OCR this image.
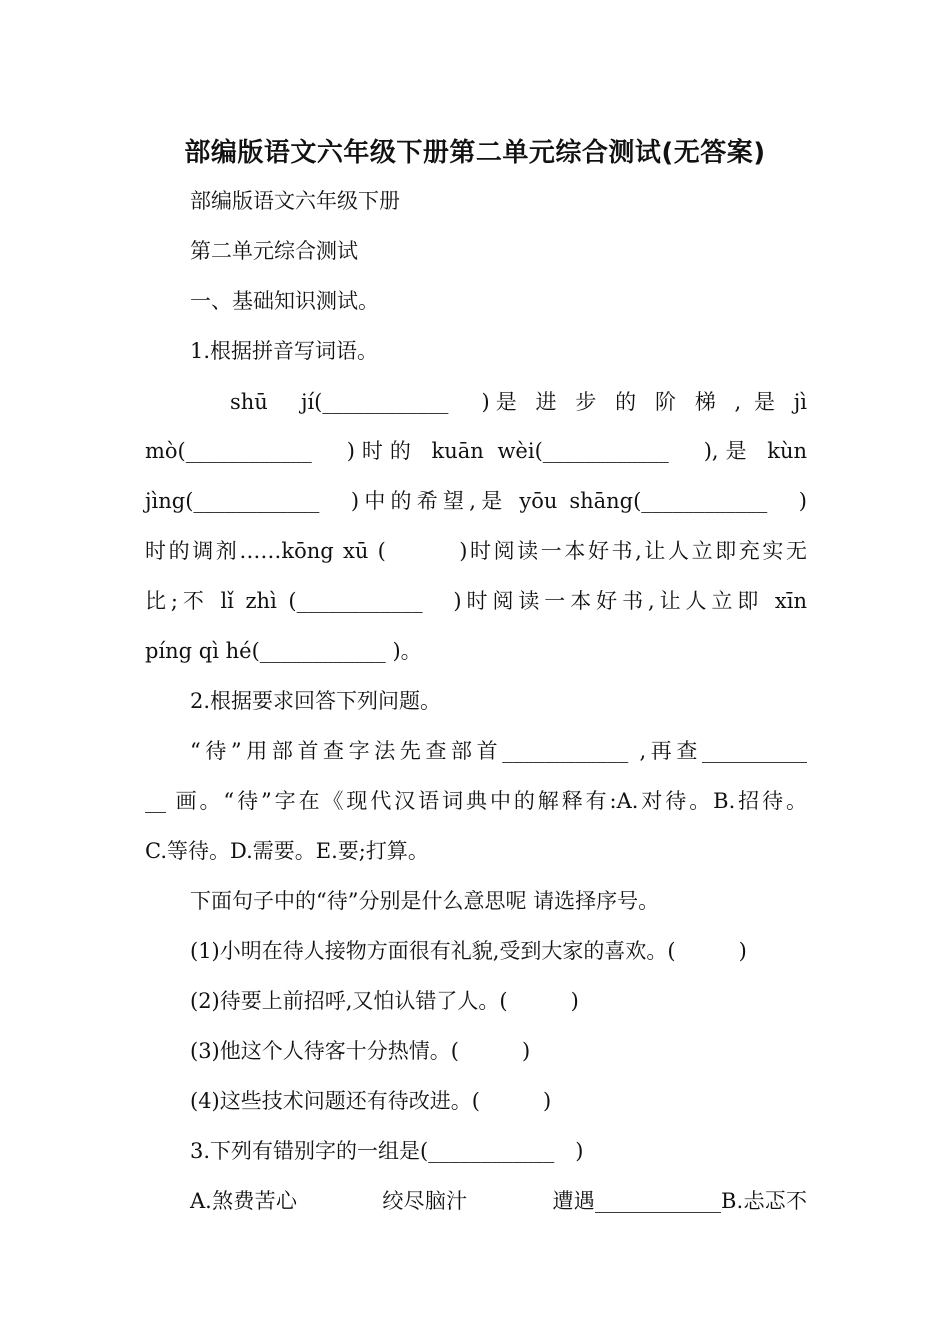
部编版语文六年级下册第二单元综合测试(无答案)
部编版语文六年级下册
第二单元综合测试
一、基础知识测试。
1.根据拼音写词语。
shū　jí(____________　)是 进 步 的 阶 梯 , 是 jì
mò(____________　)时的 kuān wèi(____________　),是 kùn
jìng(____________　)中的希望,是 yōu shāng(____________　)
时的调剂……kōng xū (　　　)时阅读一本好书,让人立即充实无
比;不 lǐ zhì (____________　)时阅读一本好书,让人立即 xīn
píng qì hé(____________ )。
2.根据要求回答下列问题。
“待”用部首查字法先查部首____________ ,再查__________
__ 画。“待”字在《现代汉语词典中的解释有:A.对待。B.招待。
C.等待。D.需要。E.要;打算。
下面句子中的“待”分别是什么意思呢 请选择序号。
(1)小明在待人接物方面很有礼貌,受到大家的喜欢。(　　　)
(2)待要上前招呼,又怕认错了人。(　　　)
(3)他这个人待客十分热情。(　　　)
(4)这些技术问题还有待改进。(　　　)
3.下列有错别字的一组是(____________　)
A.煞费苦心　　　　绞尽脑汁　　　　遭遇____________B.忐忑不
